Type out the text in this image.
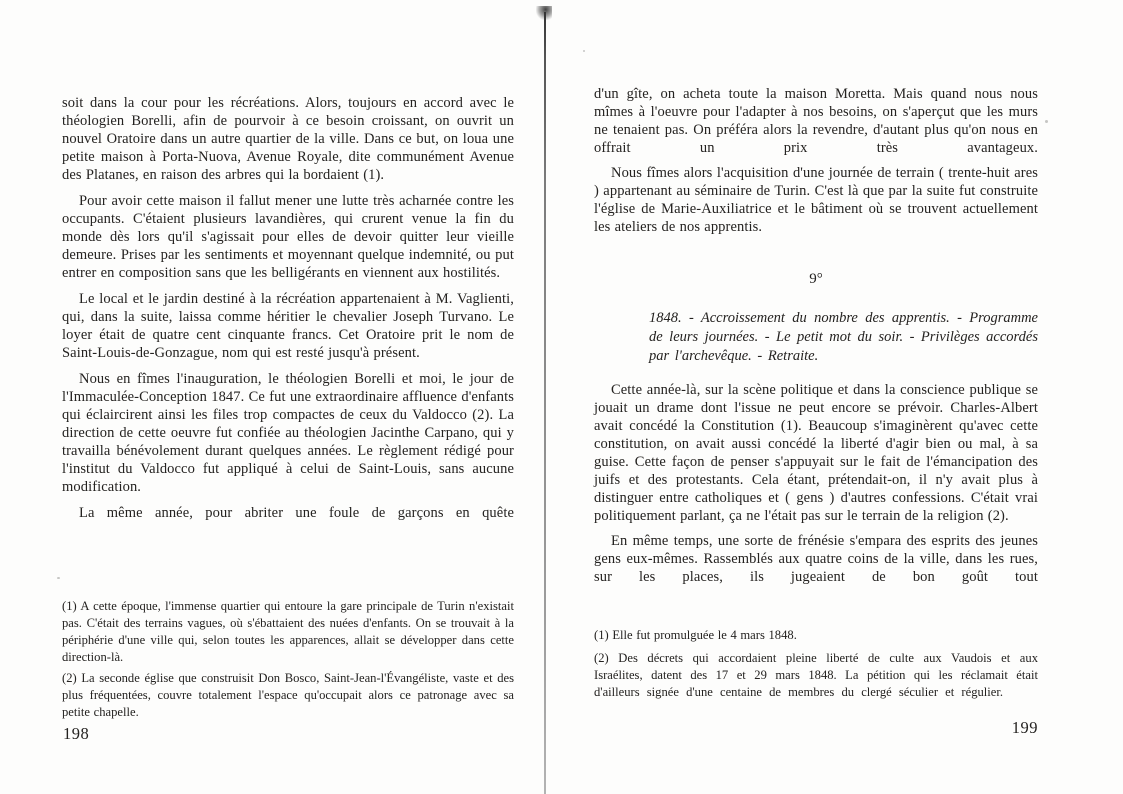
soit dans la cour pour les récréations. Alors, toujours en accord avec le théologien Borelli, afin de pourvoir à ce besoin croissant, on ouvrit un nouvel Oratoire dans un autre quartier de la ville. Dans ce but, on loua une petite maison à Porta-Nuova, Avenue Royale, dite communément Avenue des Platanes, en raison des arbres qui la bordaient (1).

Pour avoir cette maison il fallut mener une lutte très acharnée contre les occupants. C'étaient plusieurs lavandières, qui crurent venue la fin du monde dès lors qu'il s'agissait pour elles de devoir quitter leur vieille demeure. Prises par les sentiments et moyennant quelque indemnité, ou put entrer en composition sans que les belligérants en viennent aux hostilités.

Le local et le jardin destiné à la récréation appartenaient à M. Vaglienti, qui, dans la suite, laissa comme héritier le chevalier Joseph Turvano. Le loyer était de quatre cent cinquante francs. Cet Oratoire prit le nom de Saint-Louis-de-Gonzague, nom qui est resté jusqu'à présent.

Nous en fîmes l'inauguration, le théologien Borelli et moi, le jour de l'Immaculée-Conception 1847. Ce fut une extraordinaire affluence d'enfants qui éclaircirent ainsi les files trop compactes de ceux du Valdocco (2). La direction de cette oeuvre fut confiée au théologien Jacinthe Carpano, qui y travailla bénévolement durant quelques années. Le règlement rédigé pour l'institut du Valdocco fut appliqué à celui de Saint-Louis, sans aucune modification.

La même année, pour abriter une foule de garçons en quête

(1) A cette époque, l'immense quartier qui entoure la gare principale de Turin n'existait pas. C'était des terrains vagues, où s'ébattaient des nuées d'enfants. On se trouvait à la périphérie d'une ville qui, selon toutes les apparences, allait se développer dans cette direction-là.

(2) La seconde église que construisit Don Bosco, Saint-Jean-l'Évangéliste, vaste et des plus fréquentées, couvre totalement l'espace qu'occupait alors ce patronage avec sa petite chapelle.

198

d'un gîte, on acheta toute la maison Moretta. Mais quand nous nous mîmes à l'oeuvre pour l'adapter à nos besoins, on s'aperçut que les murs ne tenaient pas. On préféra alors la revendre, d'autant plus qu'on nous en offrait un prix très avantageux.

Nous fîmes alors l'acquisition d'une journée de terrain ( trente-huit ares ) appartenant au séminaire de Turin. C'est là que par la suite fut construite l'église de Marie-Auxiliatrice et le bâtiment où se trouvent actuellement les ateliers de nos apprentis.

9°
1848. - Accroissement du nombre des apprentis. - Programme de leurs journées. - Le petit mot du soir. - Privilèges accordés par l'archevêque. - Retraite.

Cette année-là, sur la scène politique et dans la conscience publique se jouait un drame dont l'issue ne peut encore se prévoir. Charles-Albert avait concédé la Constitution (1). Beaucoup s'imaginèrent qu'avec cette constitution, on avait aussi concédé la liberté d'agir bien ou mal, à sa guise. Cette façon de penser s'appuyait sur le fait de l'émancipation des juifs et des protestants. Cela étant, prétendait-on, il n'y avait plus à distinguer entre catholiques et ( gens ) d'autres confessions. C'était vrai politiquement parlant, ça ne l'était pas sur le terrain de la religion (2).

En même temps, une sorte de frénésie s'empara des esprits des jeunes gens eux-mêmes. Rassemblés aux quatre coins de la ville, dans les rues, sur les places, ils jugeaient de bon goût tout

(1) Elle fut promulguée le 4 mars 1848.

(2) Des décrets qui accordaient pleine liberté de culte aux Vaudois et aux Israélites, datent des 17 et 29 mars 1848. La pétition qui les réclamait était d'ailleurs signée d'une centaine de membres du clergé séculier et régulier.

199
